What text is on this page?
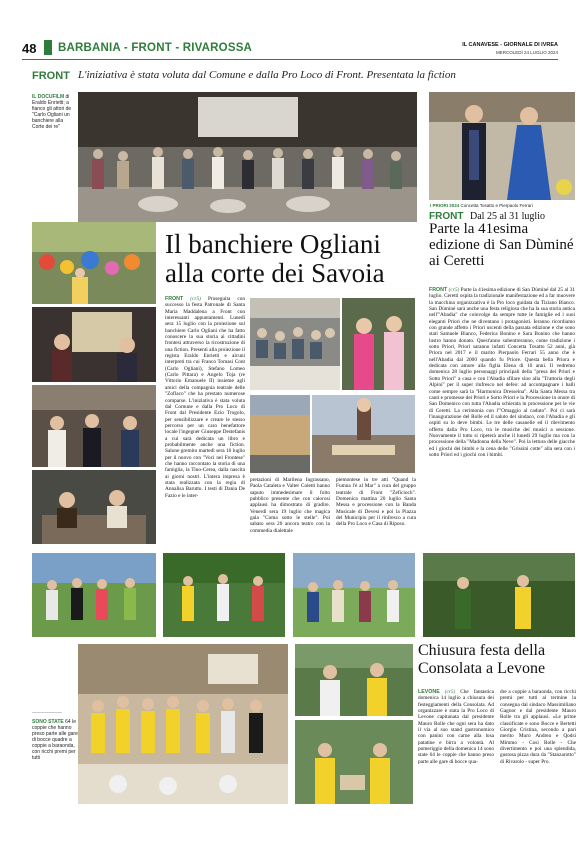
48 BARBANIA - FRONT - RIVAROSSA	IL CANAVESE - GIORNALE DI IVREA
MERCOLEDÌ 24 LUGLIO 2024
FRONT L'iniziativa è stata voluta dal Comune e dalla Pro Loco di Front. Presentata la fiction
IL DOCUFILM di Eraldo Enrietti; a fianco gli attori de "Carlo Ogliani un banchiere alla Corte dei re"
Il banchiere Ogliani alla corte dei Savoia
FRONT (cr5) Proseguita con successo la festa Patronale di Santa Maria Maddalena a Front con interessanti appuntamenti. Lunedì sera 15 luglio con la proiezione sul banchiere Carlo Ogliani che ha fatto conoscere la sua storia ai cittadini frontesi attraverso la ricostruzione di una fiction. Presenti alla proiezione il regista Eraldo Enrietti e alcuni interpreti tra cui Franco Tomasi Cont (Carlo Ogliani), Stefano Lomeo (Carlo Pittara) e Angelo Toja (re Vittorio Emanuele II) insieme agli amici della compagnia teatrale delle "Zoflaco" che ha prestato numerose comparse. L'iniziativa è stata voluta dal Comune e dalla Pro Loco di Front dal Presidente Ezio Trogolo, per sensibilizzare e creare le stesso percorso per un caro benefattore locale l'ingegner Giuseppe Destefanis a cui sarà dedicata un libro e probabilmente anche una fiction. Salone gremito martedì sera 16 luglio per il nuovo con "Voci nel Frontese" che hanno raccontato la storia di una famiglia, la Tino-Cerea, dalla nascita ai giorni nostri. L'intera impresa è stata realizzata con la regia di Annalisa Barutto. I testi di Dania De Fazio e le inter-
pretazioni di Marilena Ingrassano, Paola Cataleta e Valter Coletti hanno saputo immedesimare il folto pubblico presente che con calorosi applausi ha dimostrato di gradire. Venerdì sera 19 luglio che magica gala "Coma sotto le stelle". Poi sabato sera 20 ancora teatro con la commedia dialettale
piemontese in tre atti "Quand la Fumna l'è al Mar" a cura del gruppo teatrale di Front "Zeficioch". Domenica mattina 20 luglio Santa Messa e processione con la Banda Musicale di Devesi e poi la Piazza del Municipio per il rinfresco a cura della Pro Loco e Casa di Riposo.
I PRIORI 2024 Concetta Tosatto e Pierpaolo Ferrari
FRONT Dal 25 al 31 luglio
Parte la 41esima edizione di San Dùminé ai Ceretti
FRONT (cr5) Parte la 41esima edizione di San Dùminé dal 25 al 31 luglio. Ceretti ospita la tradizionale manifestazione ed a far muovere la macchina organizzativa è la Pro loco guidata da Tiziano Bianco. San Dùminé sarà anche una festa religiosa che ha la sua storia antica nell'"Abadia" che coinvolge da sempre tutte le famiglie ed i suoi eleganti Priori che ne diventano i protagonisti. Ieranno ricordiamo con grande affetto i Priori uscenti della passata edizione e che sono stati Samuele Bianco, Federica Bonino e Sara Bonino che hanno lustro hanno donato. Quest'anno subentreranno, come tradizione i sotto Priori, Priori saranno infatti Concetta Tosatto 52 anni, già Priora nel 2017 e il marito Pierpaolo Ferrari 55 anno che è nell'Abadia dal 2000 quando fu Priore. Questa bella Priora e dedicata con amore alla figlia Elena di 16 anni. Il vedremo domenica 28 luglio personaggi principali della "presa dei Priori e Sotto Priori" a casa e con l'Abadia sfilare sino alla "Trattoria degli Alpini" per il super rinfresco nel defeo: ad accompagnare i balli come sempre sarà la "Harmonica Dresseina". Alla Santa Messa tra canti e promesse dei Priori e Sotto Priori e la Processione in onore di San Domenico con tutta l'Abadia schierata in processione per le vie di Ceretti. La cerimonia con l'"Omaggio al caduto". Poi ci sarà l'inaugurazione del Rolle ed il saluto del sindaco, con l'Abadia e gli ospiti su lo deve bimbi. Le tre delle casanelle ed il rilevimento offerto dalla Pro Loco, tra le musiche dei musici a sessione. Nuovamente il tutto si ripeterà anche il lunedì 29 luglio ma con la processione della "Madonna della Neve". Poi la lettura delle giacche ed i giochi dei bimbi e la cena delle "Grissini cotte" alla sera con i sotto Priori ed i giochi con i bimbi.
Chiusura festa della Consolata a Levone
LEVONE (cr5) Che fantastica domenica 14 luglio a chiusura dei festeggiamenti della Consolata. Ad organizzare è stata la Pro Loco di Levone capitanata dal presidente Mauro Rolle che ogni sera ha dato il via al suo stand gastronomico con panini con carne alla losa patatine e birra a volontà. Al pomeriggio della domenica 14 sono state 64 le coppie che hanno preso parte alle gare di bocce qua-
dre a coppie a baraonda, con ricchi premi per tutti al termine la consegna dal sindaco Massimiliano Gagnor e dal presidente Mauro Rolle tra gli applausi. «Le prime classificate e sono Bocce e Bertetti Giorgio Cristina, secondo a pari merito Muro Andrea e Qodsi Mimmo - Cosi Rolle - Che divertimento e poi una splendida, gustosa pizza dura da "Stanzarotto" di Rivarolo - super Pro.
SONO STATE 64 le coppie che hanno preso parte alle gare di bocce quadre a coppie a baraonda, con ricchi premi per tutti
